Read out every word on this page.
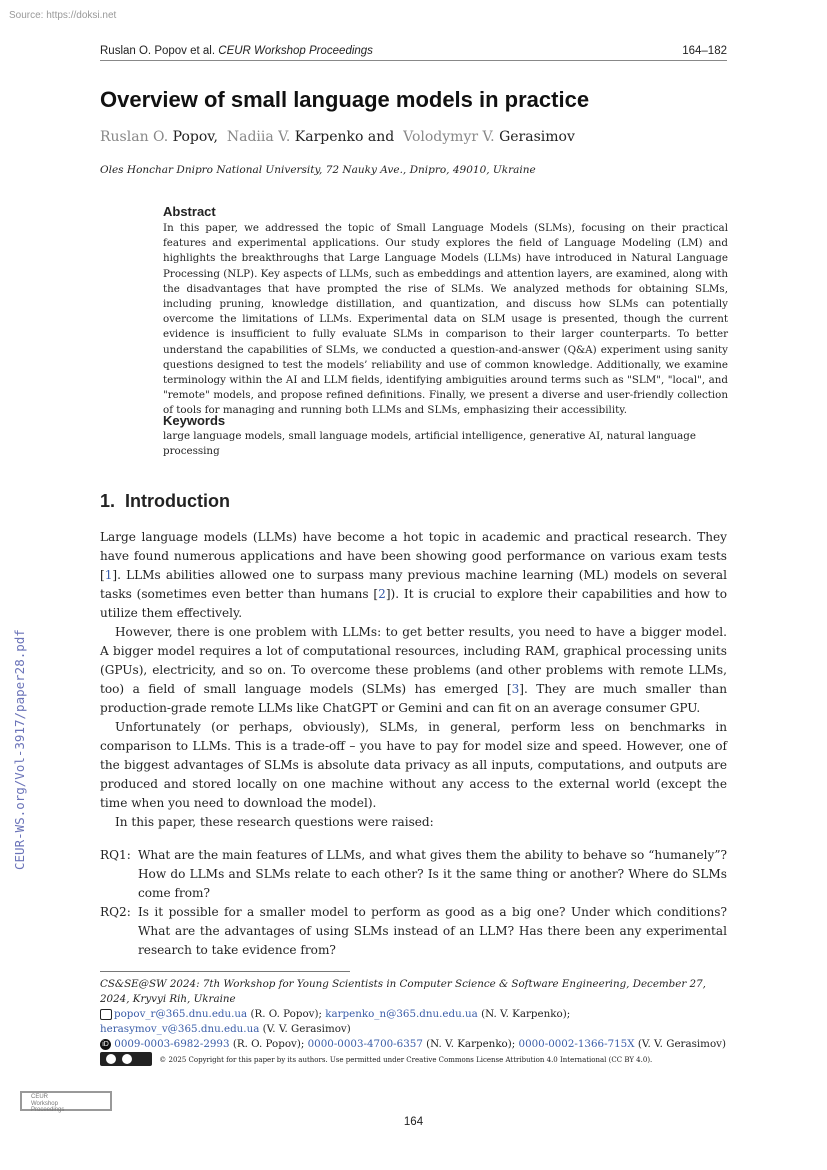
Source: https://doksi.net
Ruslan O. Popov et al. CEUR Workshop Proceedings	164–182
Overview of small language models in practice
Ruslan O. Popov,  Nadiia V. Karpenko and  Volodymyr V. Gerasimov
Oles Honchar Dnipro National University, 72 Nauky Ave., Dnipro, 49010, Ukraine
Abstract

In this paper, we addressed the topic of Small Language Models (SLMs), focusing on their practical features and experimental applications. Our study explores the field of Language Modeling (LM) and highlights the breakthroughs that Large Language Models (LLMs) have introduced in Natural Language Processing (NLP). Key aspects of LLMs, such as embeddings and attention layers, are examined, along with the disadvantages that have prompted the rise of SLMs. We analyzed methods for obtaining SLMs, including pruning, knowledge distillation, and quantization, and discuss how SLMs can potentially overcome the limitations of LLMs. Experimental data on SLM usage is presented, though the current evidence is insufficient to fully evaluate SLMs in comparison to their larger counterparts. To better understand the capabilities of SLMs, we conducted a question-and-answer (Q&A) experiment using sanity questions designed to test the models’ reliability and use of common knowledge. Additionally, we examine terminology within the AI and LLM fields, identifying ambiguities around terms such as "SLM", "local", and "remote" models, and propose refined definitions. Finally, we present a diverse and user-friendly collection of tools for managing and running both LLMs and SLMs, emphasizing their accessibility.

Keywords

large language models, small language models, artificial intelligence, generative AI, natural language processing

1. Introduction

Large language models (LLMs) have become a hot topic in academic and practical research. They have found numerous applications and have been showing good performance on various exam tests [1]. LLMs abilities allowed one to surpass many previous machine learning (ML) models on several tasks (sometimes even better than humans [2]). It is crucial to explore their capabilities and how to utilize them effectively.

However, there is one problem with LLMs: to get better results, you need to have a bigger model. A bigger model requires a lot of computational resources, including RAM, graphical processing units (GPUs), electricity, and so on. To overcome these problems (and other problems with remote LLMs, too) a field of small language models (SLMs) has emerged [3]. They are much smaller than production-grade remote LLMs like ChatGPT or Gemini and can fit on an average consumer GPU.

Unfortunately (or perhaps, obviously), SLMs, in general, perform less on benchmarks in comparison to LLMs. This is a trade-off – you have to pay for model size and speed. However, one of the biggest advantages of SLMs is absolute data privacy as all inputs, computations, and outputs are produced and stored locally on one machine without any access to the external world (except the time when you need to download the model).

In this paper, these research questions were raised:

RQ1: What are the main features of LLMs, and what gives them the ability to behave so “humanely”? How do LLMs and SLMs relate to each other? Is it the same thing or another? Where do SLMs come from?
RQ2: Is it possible for a smaller model to perform as good as a big one? Under which conditions? What are the advantages of using SLMs instead of an LLM? Has there been any experimental research to take evidence from?
CEUR-WS.org/Vol-3917/paper28.pdf

CS&SE@SW 2024: 7th Workshop for Young Scientists in Computer Science & Software Engineering, December 27, 2024, Kryvyi Rih, Ukraine

popov_r@365.dnu.edu.ua (R. O. Popov); karpenko_n@365.dnu.edu.ua (N. V. Karpenko); herasymov_v@365.dnu.edu.ua (V. V. Gerasimov)

iD 0009-0003-6982-2993 (R. O. Popov); 0000-0003-4700-6357 (N. V. Karpenko); 0000-0002-1366-715X (V. V. Gerasimov)

© 2025 Copyright for this paper by its authors. Use permitted under Creative Commons License Attribution 4.0 International (CC BY 4.0).

CEUR
Workshop
Proceedings
164
